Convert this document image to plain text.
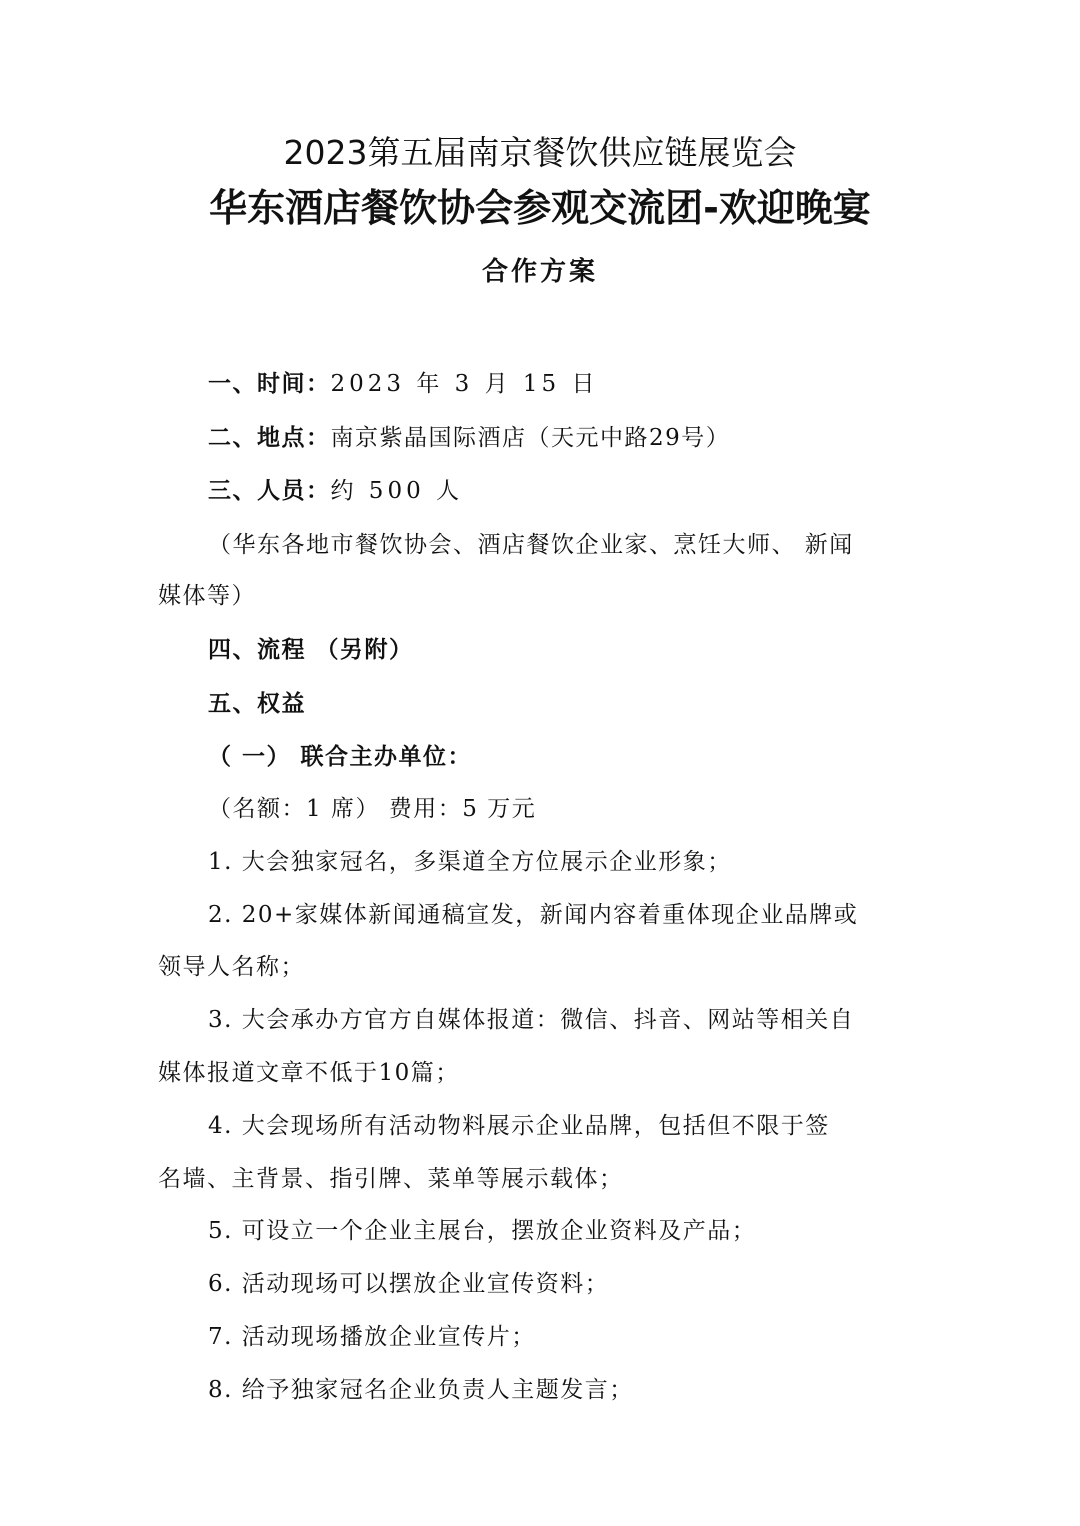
2023第五届南京餐饮供应链展览会
华东酒店餐饮协会参观交流团-欢迎晚宴
合作方案
一、时间：2023 年 3 月 15 日
二、地点：南京紫晶国际酒店（天元中路29号）
三、人员：约 500 人
（华东各地市餐饮协会、酒店餐饮企业家、烹饪大师、 新闻
媒体等）
四、流程 （另附）
五、权益
（ 一） 联合主办单位：
（名额：1 席） 费用：5 万元
1. 大会独家冠名，多渠道全方位展示企业形象；
2. 20+家媒体新闻通稿宣发，新闻内容着重体现企业品牌或
领导人名称；
3. 大会承办方官方自媒体报道：微信、抖音、网站等相关自
媒体报道文章不低于10篇；
4. 大会现场所有活动物料展示企业品牌，包括但不限于签
名墙、主背景、指引牌、菜单等展示载体；
5. 可设立一个企业主展台，摆放企业资料及产品；
6. 活动现场可以摆放企业宣传资料；
7. 活动现场播放企业宣传片；
8. 给予独家冠名企业负责人主题发言；
